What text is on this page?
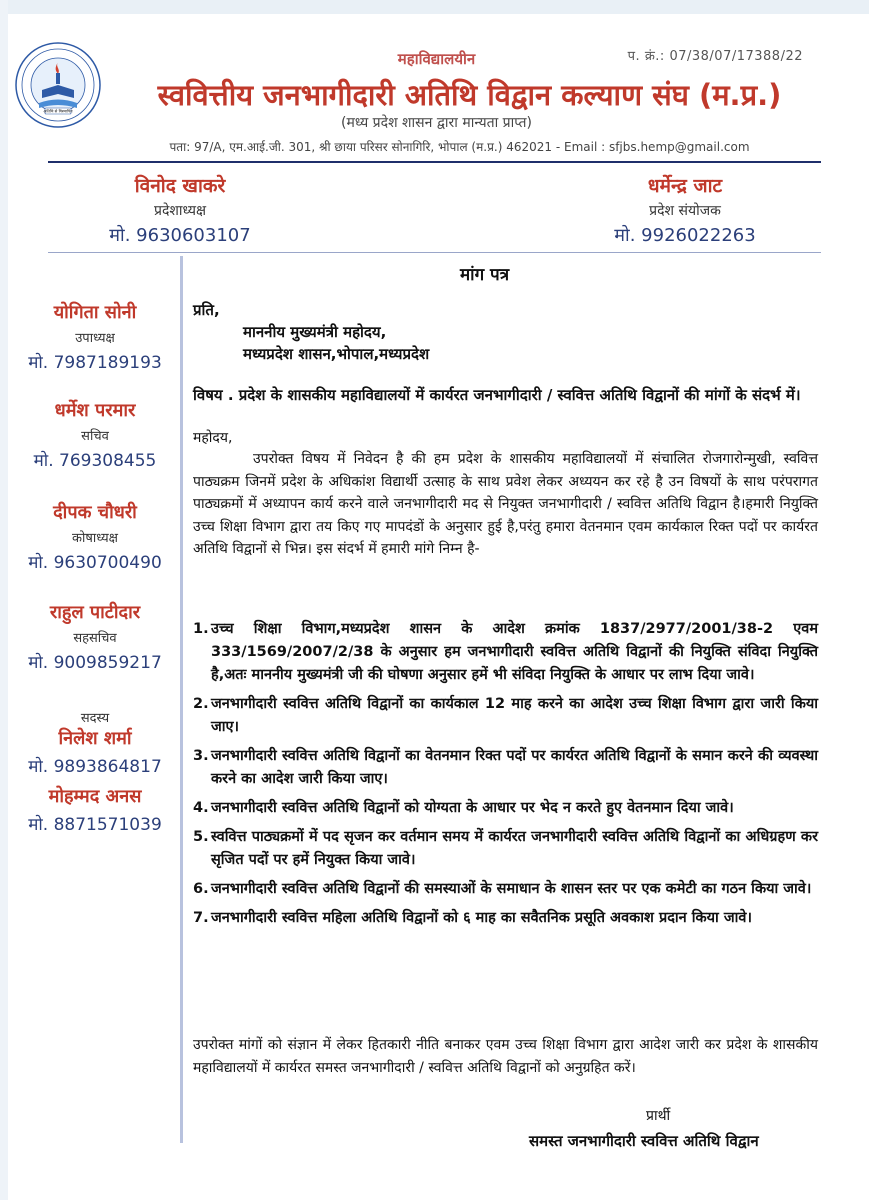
अतिथि से विस्थापित
महाविद्यालयीन	प. क्रं.: 07/38/07/17388/22
स्ववित्तीय जनभागीदारी अतिथि विद्वान कल्याण संघ (म.प्र.)
(मध्य प्रदेश शासन द्वारा मान्यता प्राप्त)
पता: 97/A, एम.आई.जी. 301, श्री छाया परिसर सोनागिरि, भोपाल (म.प्र.) 462021 - Email : sfjbs.hemp@gmail.com
विनोद खाकरे
प्रदेशाध्यक्ष
मो. 9630603107
धर्मेन्द्र जाट
प्रदेश संयोजक
मो. 9926022263
योगिता सोनी
उपाध्यक्ष
मो. 7987189193
धर्मेश परमार
सचिव
मो. 769308455
दीपक चौधरी
कोषाध्यक्ष
मो. 9630700490
राहुल पाटीदार
सहसचिव
मो. 9009859217
सदस्य
निलेश शर्मा
मो. 9893864817
मोहम्मद अनस
मो. 8871571039
मांग पत्र
प्रति,
माननीय मुख्यमंत्री महोदय,
मध्यप्रदेश शासन,भोपाल,मध्यप्रदेश
विषय . प्रदेश के शासकीय महाविद्यालयों में कार्यरत जनभागीदारी / स्ववित्त अतिथि विद्वानों की मांगों के संदर्भ में।
महोदय,
उपरोक्त विषय में निवेदन है की हम प्रदेश के शासकीय महाविद्यालयों में संचालित रोजगारोन्मुखी, स्ववित्त पाठ्यक्रम जिनमें प्रदेश के अधिकांश विद्यार्थी उत्साह के साथ प्रवेश लेकर अध्ययन कर रहे है उन विषयों के साथ परंपरागत पाठ्यक्रमों में अध्यापन कार्य करने वाले जनभागीदारी मद से नियुक्त जनभागीदारी / स्ववित्त अतिथि विद्वान है।हमारी नियुक्ति उच्च शिक्षा विभाग द्वारा तय किए गए मापदंडों के अनुसार हुई है,परंतु हमारा वेतनमान एवम कार्यकाल रिक्त पदों पर कार्यरत अतिथि विद्वानों से भिन्न। इस संदर्भ में हमारी मांगे निम्न है-
1. उच्च शिक्षा विभाग,मध्यप्रदेश शासन के आदेश क्रमांक 1837/2977/2001/38-2 एवम 333/1569/2007/2/38 के अनुसार हम जनभागीदारी स्ववित्त अतिथि विद्वानों की नियुक्ति संविदा नियुक्ति है,अतः माननीय मुख्यमंत्री जी की घोषणा अनुसार हमें भी संविदा नियुक्ति के आधार पर लाभ दिया जावे।
2. जनभागीदारी स्ववित्त अतिथि विद्वानों का कार्यकाल 12 माह करने का आदेश उच्च शिक्षा विभाग द्वारा जारी किया जाए।
3. जनभागीदारी स्ववित्त अतिथि विद्वानों का वेतनमान रिक्त पदों पर कार्यरत अतिथि विद्वानों के समान करने की व्यवस्था करने का आदेश जारी किया जाए।
4. जनभागीदारी स्ववित्त अतिथि विद्वानों को योग्यता के आधार पर भेद न करते हुए वेतनमान दिया जावे।
5. स्ववित्त पाठ्यक्रमों में पद सृजन कर वर्तमान समय में कार्यरत जनभागीदारी स्ववित्त अतिथि विद्वानों का अधिग्रहण कर सृजित पदों पर हमें नियुक्त किया जावे।
6. जनभागीदारी स्ववित्त अतिथि विद्वानों की समस्याओं के समाधान के शासन स्तर पर एक कमेटी का गठन किया जावे।
7. जनभागीदारी स्ववित्त महिला अतिथि विद्वानों को ६ माह का सवैतनिक प्रसूति अवकाश प्रदान किया जावे।
उपरोक्त मांगों को संज्ञान में लेकर हितकारी नीति बनाकर एवम उच्च शिक्षा विभाग द्वारा आदेश जारी कर प्रदेश के शासकीय महाविद्यालयों में कार्यरत समस्त जनभागीदारी / स्ववित्त अतिथि विद्वानों को अनुग्रहित करें।
प्रार्थी
समस्त जनभागीदारी स्ववित्त अतिथि विद्वान
